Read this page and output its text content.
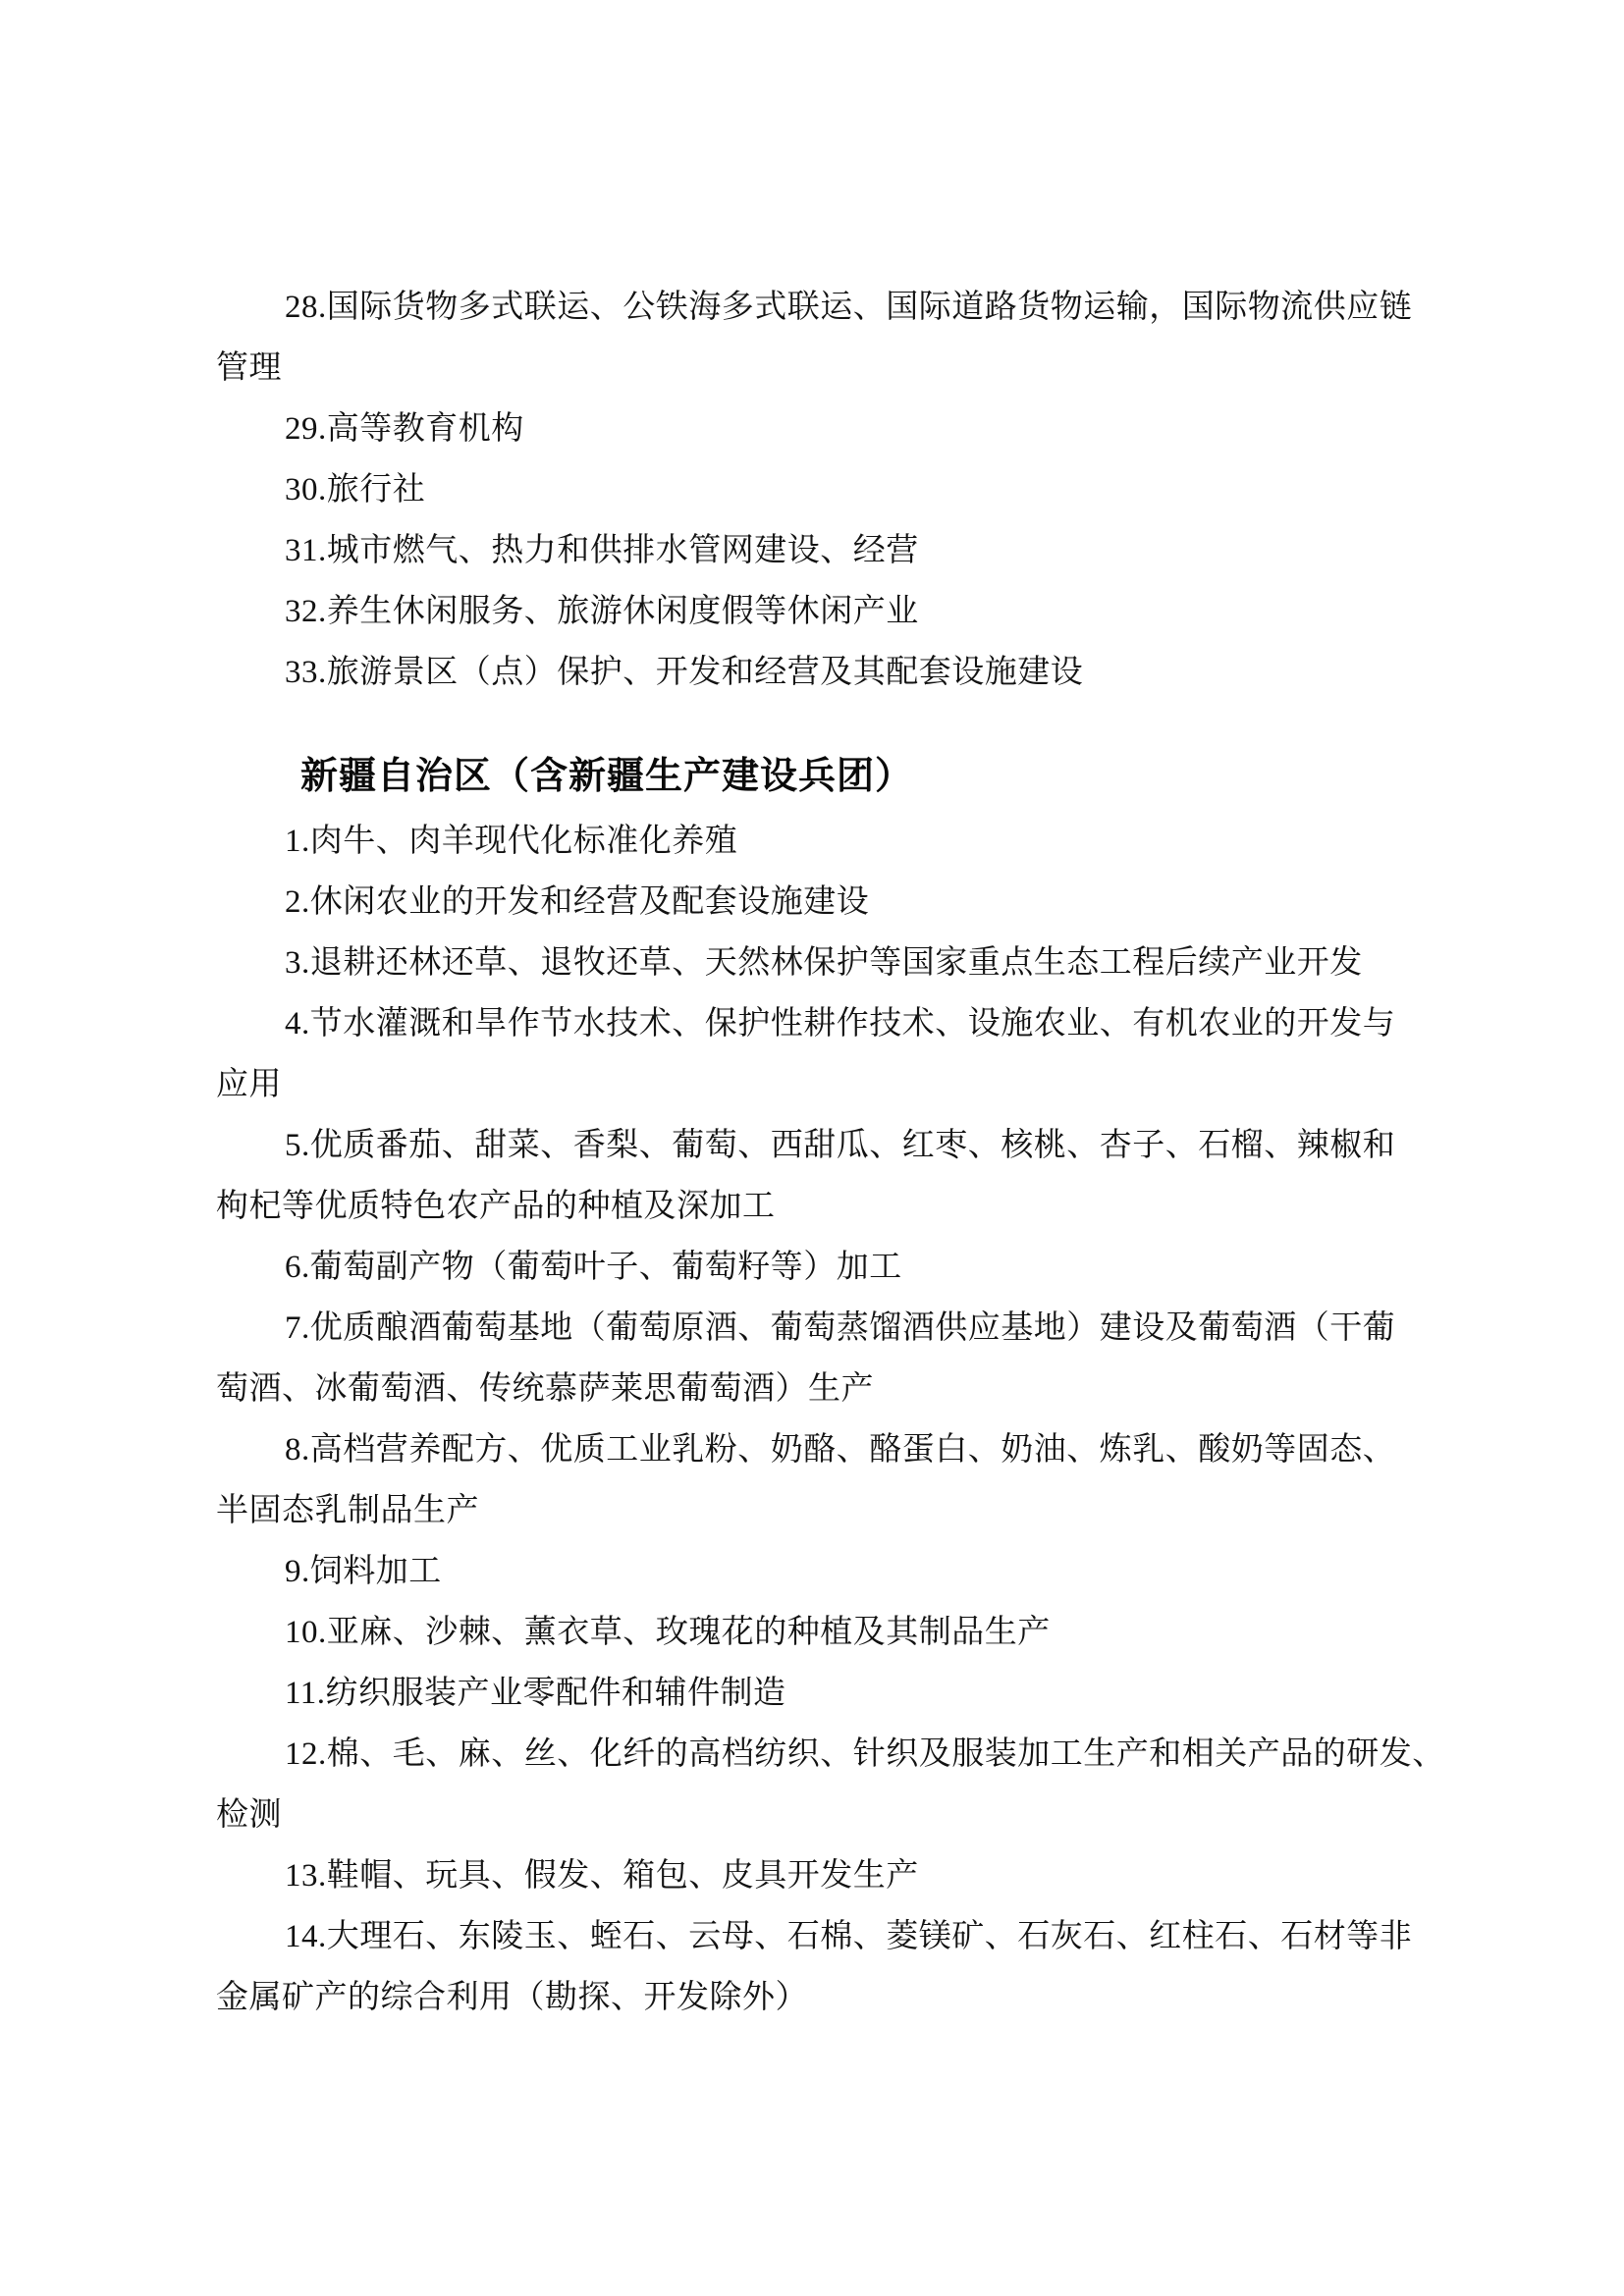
28.国际货物多式联运、公铁海多式联运、国际道路货物运输，国际物流供应链
管理
29.高等教育机构
30.旅行社
31.城市燃气、热力和供排水管网建设、经营
32.养生休闲服务、旅游休闲度假等休闲产业
33.旅游景区（点）保护、开发和经营及其配套设施建设
新疆自治区（含新疆生产建设兵团）
1.肉牛、肉羊现代化标准化养殖
2.休闲农业的开发和经营及配套设施建设
3.退耕还林还草、退牧还草、天然林保护等国家重点生态工程后续产业开发
4.节水灌溉和旱作节水技术、保护性耕作技术、设施农业、有机农业的开发与
应用
5.优质番茄、甜菜、香梨、葡萄、西甜瓜、红枣、核桃、杏子、石榴、辣椒和
枸杞等优质特色农产品的种植及深加工
6.葡萄副产物（葡萄叶子、葡萄籽等）加工
7.优质酿酒葡萄基地（葡萄原酒、葡萄蒸馏酒供应基地）建设及葡萄酒（干葡
萄酒、冰葡萄酒、传统慕萨莱思葡萄酒）生产
8.高档营养配方、优质工业乳粉、奶酪、酪蛋白、奶油、炼乳、酸奶等固态、
半固态乳制品生产
9.饲料加工
10.亚麻、沙棘、薰衣草、玫瑰花的种植及其制品生产
11.纺织服装产业零配件和辅件制造
12.棉、毛、麻、丝、化纤的高档纺织、针织及服装加工生产和相关产品的研发、
检测
13.鞋帽、玩具、假发、箱包、皮具开发生产
14.大理石、东陵玉、蛭石、云母、石棉、菱镁矿、石灰石、红柱石、石材等非
金属矿产的综合利用（勘探、开发除外）
